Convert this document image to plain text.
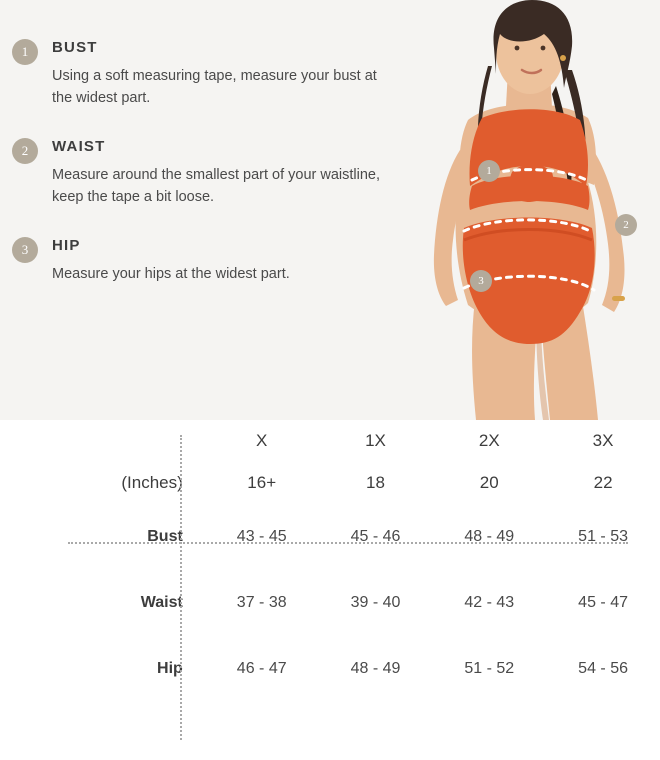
1	BUST
Using a soft measuring tape, measure your bust at the widest part.
2	WAIST
Measure around the smallest part of your waistline, keep the tape a bit loose.
3	HIP
Measure your hips at the widest part.
1
2
3
	X	1X	2X	3X
(Inches)	16+	18	20	22
Bust	43 - 45	45 - 46	48 - 49	51 - 53
Waist	37 - 38	39 - 40	42 - 43	45 - 47
Hip	46 - 47	48 - 49	51 - 52	54 - 56
